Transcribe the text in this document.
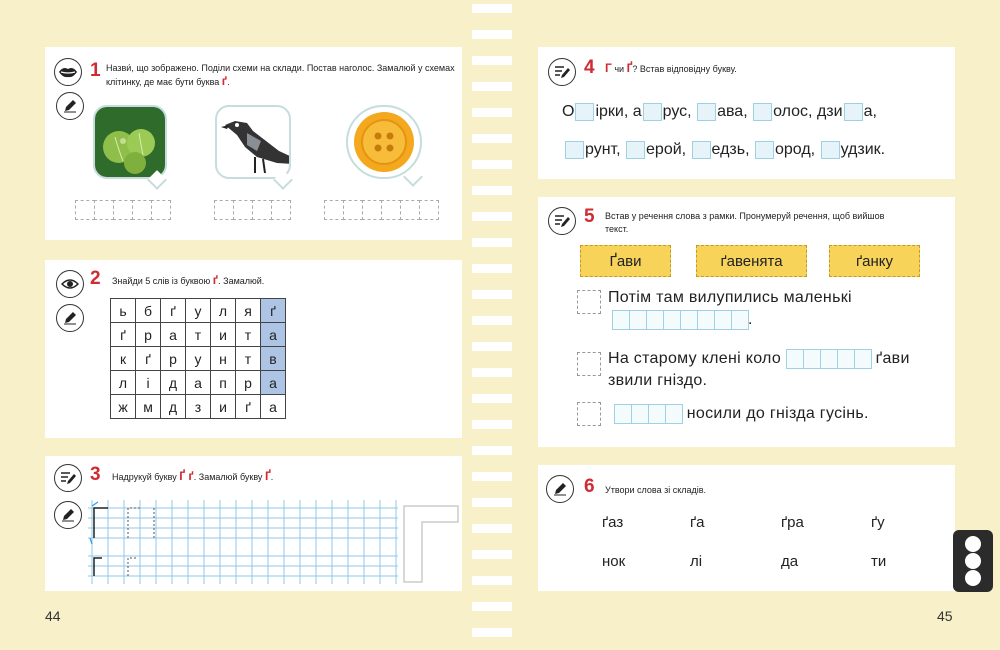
1 Назви́, що зображено. Поділи схеми на склади. Постав наголос. Замалюй у схемах клітинку, де має бути буква ґ.
2 Знайди 5 слів із буквою ґ. Замалюй.
ь	б	ґ	у	л	я	ґ
ґ	р	а	т	и	т	а
к	ґ	р	у	н	т	в
л	і	д	а	п	р	а
ж	м	д	з	и	ґ	а
3 Надрукуй букву Ґ ґ. Замалюй букву Ґ.
44
4 Г чи Ґ? Встав відповідну букву.
О ірки, а рус,
ава,
олос, дзи а,
рунт,
ерой,
едзь,
ород,
удзик.
5 Встав у речення слова з рамки. Пронумеруй речення, щоб вийшов текст.
Ґави	ґавенята	ґанку
Потім там вилупились маленькі

.
На старому клені коло	ґави
звили гніздо.
носили до гнізда гусінь.
6 Утвори слова зі складів.
ґаз	ґа	ґра	ґу
нок	лі	да	ти
45
